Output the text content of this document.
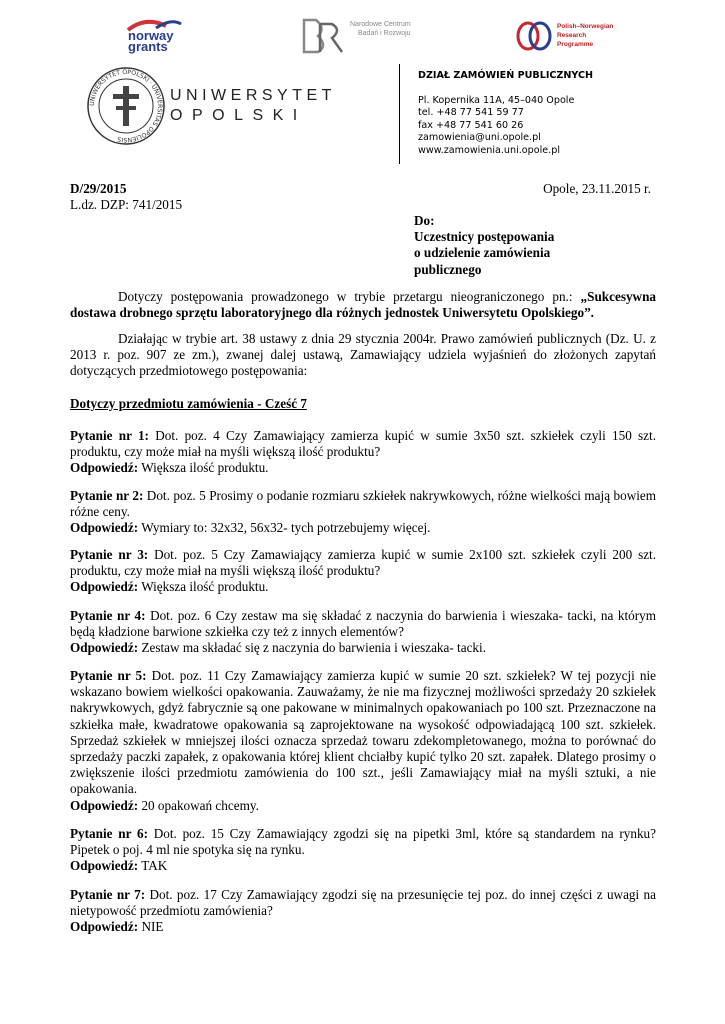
norway
grants
Narodowe Centrum
Badań i Rozwoju
Polish–Norwegian
Research
Programme
UNIWERSYTET OPOLSKI · UNIVERSITAS OPOLIENSIS
UNIWERSYTET
OPOLSKI
DZIAŁ ZAMÓWIEŃ PUBLICZNYCH
Pl. Kopernika 11A, 45–040 Opole
tel. +48 77 541 59 77
fax +48 77 541 60 26
zamowienia@uni.opole.pl
www.zamowienia.uni.opole.pl
D/29/2015
L.dz. DZP: 741/2015
Opole, 23.11.2015 r.
Do:
Uczestnicy postępowania
o udzielenie zamówienia
publicznego
Dotyczy postępowania prowadzonego w trybie przetargu nieograniczonego pn.: „Sukcesywna dostawa drobnego sprzętu laboratoryjnego dla różnych jednostek Uniwersytetu Opolskiego”.
Działając w trybie art. 38 ustawy z dnia 29 stycznia 2004r. Prawo zamówień publicznych (Dz. U. z 2013 r. poz. 907 ze zm.), zwanej dalej ustawą, Zamawiający udziela wyjaśnień do złożonych zapytań dotyczących przedmiotowego postępowania:
Dotyczy przedmiotu zamówienia - Cześć 7
Pytanie nr 1: Dot. poz. 4 Czy Zamawiający zamierza kupić w sumie 3x50 szt. szkiełek czyli 150 szt. produktu, czy może miał na myśli większą ilość produktu?
Odpowiedź: Większa ilość produktu.
Pytanie nr 2: Dot. poz. 5 Prosimy o podanie rozmiaru szkiełek nakrywkowych, różne wielkości mają bowiem różne ceny.
Odpowiedź: Wymiary to: 32x32, 56x32- tych potrzebujemy więcej.
Pytanie nr 3: Dot. poz. 5 Czy Zamawiający zamierza kupić w sumie 2x100 szt. szkiełek czyli 200 szt. produktu, czy może miał na myśli większą ilość produktu?
Odpowiedź: Większa ilość produktu.
Pytanie nr 4: Dot. poz. 6 Czy zestaw ma się składać z naczynia do barwienia i wieszaka- tacki, na którym będą kładzione barwione szkiełka czy też z innych elementów?
Odpowiedź: Zestaw ma składać się z naczynia do barwienia i wieszaka- tacki.
Pytanie nr 5: Dot. poz. 11 Czy Zamawiający zamierza kupić w sumie 20 szt. szkiełek? W tej pozycji nie wskazano bowiem wielkości opakowania. Zauważamy, że nie ma fizycznej możliwości sprzedaży 20 szkiełek nakrywkowych, gdyż fabrycznie są one pakowane w minimalnych opakowaniach po 100 szt. Przeznaczone na szkiełka małe, kwadratowe opakowania są zaprojektowane na wysokość odpowiadającą 100 szt. szkiełek. Sprzedaż szkiełek w mniejszej ilości oznacza sprzedaż towaru zdekompletowanego, można to porównać do sprzedaży paczki zapałek, z opakowania której klient chciałby kupić tylko 20 szt. zapałek. Dlatego prosimy o zwiększenie ilości przedmiotu zamówienia do 100 szt., jeśli Zamawiający miał na myśli sztuki, a nie opakowania.
Odpowiedź: 20 opakowań chcemy.
Pytanie nr 6: Dot. poz. 15 Czy Zamawiający zgodzi się na pipetki 3ml, które są standardem na rynku? Pipetek o poj. 4 ml nie spotyka się na rynku.
Odpowiedź: TAK
Pytanie nr 7: Dot. poz. 17 Czy Zamawiający zgodzi się na przesunięcie tej poz. do innej części z uwagi na nietypowość przedmiotu zamówienia?
Odpowiedź: NIE
